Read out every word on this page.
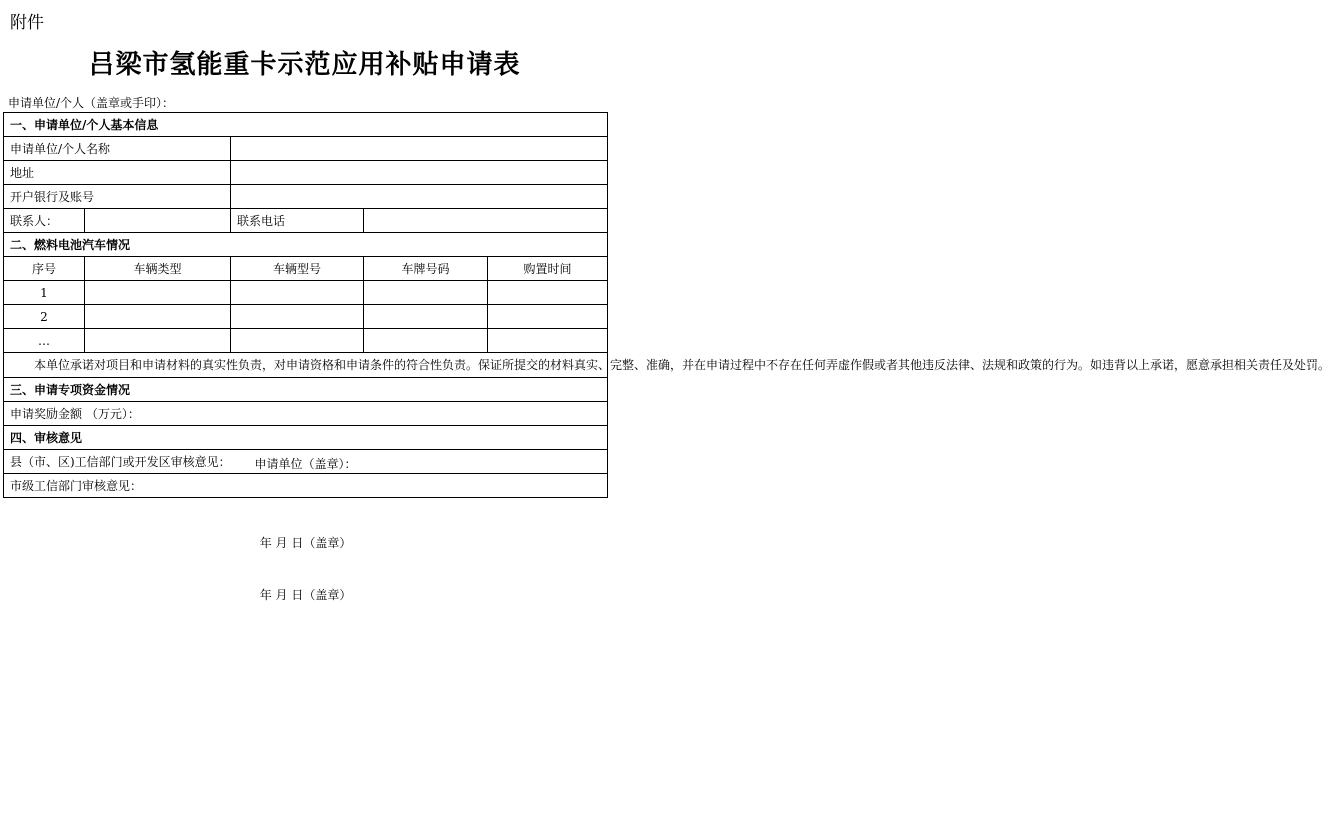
附件
吕梁市氢能重卡示范应用补贴申请表
申请单位/个人（盖章或手印）：
一、申请单位/个人基本信息				
申请单位/个人名称				
地址				
开户银行及账号				
联系人：		联系电话		
二、燃料电池汽车情况				
序号	车辆类型	车辆型号	车牌号码	购置时间
1				
2				
…				

本单位承诺对项目和申请材料的真实性负责，对申请资格和申请条件的符合性负责。保证所提交的材料真实、完整、准确，并在申请过程中不存在任何弄虚作假或者其他违反法律、法规和政策的行为。如违背以上承诺，愿意承担相关责任及处罚。
申请单位（盖章）：				

三、申请专项资金情况				
申请奖励金额 （万元）：				
四、审核意见				

县（市、区)工信部门或开发区审核意见：
年 月 日（盖章）				

市级工信部门审核意见：
年 月 日（盖章）				
